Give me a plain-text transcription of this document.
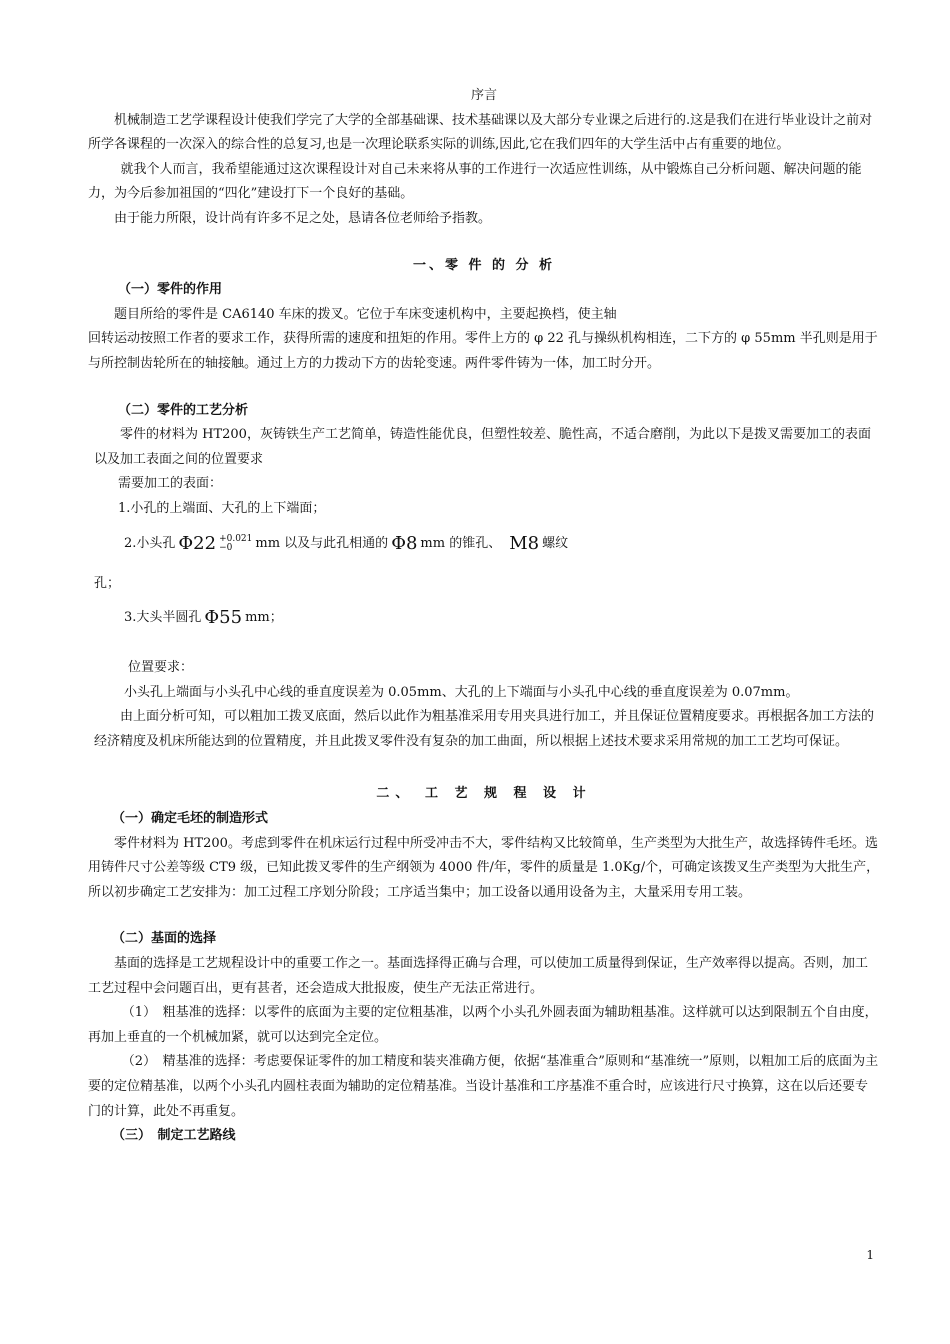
序言

机械制造工艺学课程设计使我们学完了大学的全部基础课、技术基础课以及大部分专业课之后进行的.这是我们在进行毕业设计之前对所学各课程的一次深入的综合性的总复习,也是一次理论联系实际的训练,因此,它在我们四年的大学生活中占有重要的地位。

就我个人而言，我希望能通过这次课程设计对自己未来将从事的工作进行一次适应性训练，从中锻炼自己分析问题、解决问题的能力，为今后参加祖国的“四化”建设打下一个良好的基础。

由于能力所限，设计尚有许多不足之处，恳请各位老师给予指教。

一、零 件 的 分 析

（一）零件的作用

题目所给的零件是 CA6140 车床的拨叉。它位于车床变速机构中，主要起换档，使主轴

回转运动按照工作者的要求工作，获得所需的速度和扭矩的作用。零件上方的 φ 22 孔与操纵机构相连，二下方的 φ 55mm 半孔则是用于与所控制齿轮所在的轴接触。通过上方的力拨动下方的齿轮变速。两件零件铸为一体，加工时分开。

（二）零件的工艺分析

零件的材料为 HT200，灰铸铁生产工艺简单，铸造性能优良，但塑性较差、脆性高，不适合磨削，为此以下是拨叉需要加工的表面以及加工表面之间的位置要求

需要加工的表面：

1.小孔的上端面、大孔的上下端面；

2.小头孔 Φ22 +0.021
−0	mm 以及与此孔相通的 Φ8 mm 的锥孔、 M8 螺纹

孔；

3.大头半圆孔 Φ55 mm；

位置要求：

小头孔上端面与小头孔中心线的垂直度误差为 0.05mm、大孔的上下端面与小头孔中心线的垂直度误差为 0.07mm。

由上面分析可知，可以粗加工拨叉底面，然后以此作为粗基准采用专用夹具进行加工，并且保证位置精度要求。再根据各加工方法的经济精度及机床所能达到的位置精度，并且此拨叉零件没有复杂的加工曲面，所以根据上述技术要求采用常规的加工工艺均可保证。

二、 工 艺 规 程 设 计

（一）确定毛坯的制造形式

零件材料为 HT200。考虑到零件在机床运行过程中所受冲击不大，零件结构又比较简单，生产类型为大批生产，故选择铸件毛坯。选用铸件尺寸公差等级 CT9 级，已知此拨叉零件的生产纲领为 4000 件/年，零件的质量是 1.0Kg/个，可确定该拨叉生产类型为大批生产，所以初步确定工艺安排为：加工过程工序划分阶段；工序适当集中；加工设备以通用设备为主，大量采用专用工装。

（二）基面的选择

基面的选择是工艺规程设计中的重要工作之一。基面选择得正确与合理，可以使加工质量得到保证，生产效率得以提高。否则，加工工艺过程中会问题百出，更有甚者，还会造成大批报废，使生产无法正常进行。

（1）　粗基准的选择：以零件的底面为主要的定位粗基准，以两个小头孔外圆表面为辅助粗基准。这样就可以达到限制五个自由度，再加上垂直的一个机械加紧，就可以达到完全定位。

（2）　精基准的选择：考虑要保证零件的加工精度和装夹准确方便，依据“基准重合”原则和“基准统一”原则，以粗加工后的底面为主要的定位精基准，以两个小头孔内圆柱表面为辅助的定位精基准。当设计基准和工序基准不重合时，应该进行尺寸换算，这在以后还要专门的计算，此处不再重复。

（三）　制定工艺路线

1
